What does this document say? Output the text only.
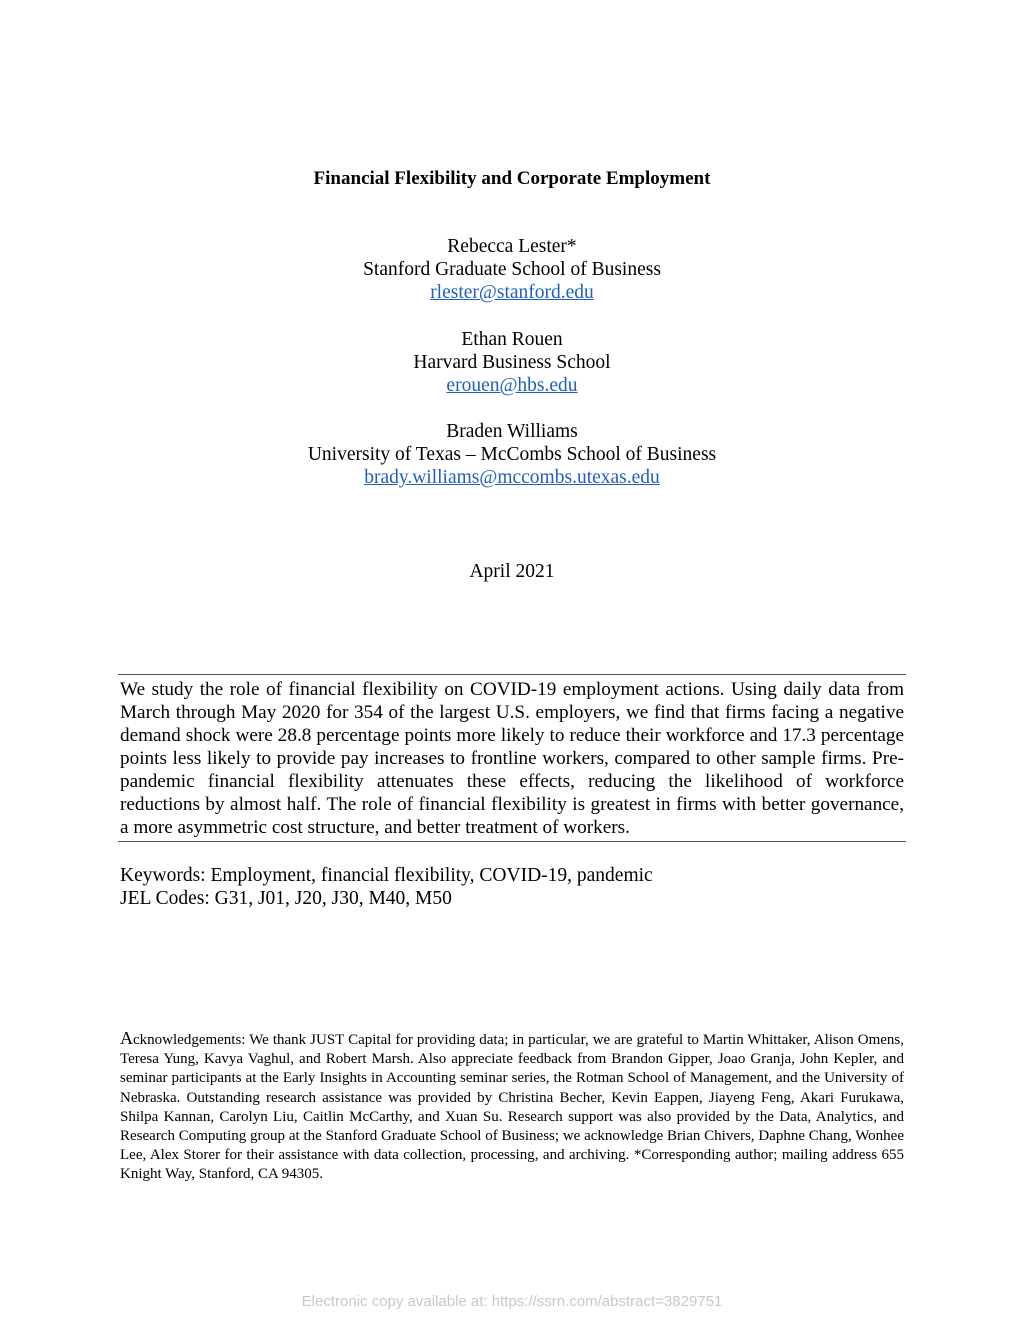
Financial Flexibility and Corporate Employment
Rebecca Lester*
Stanford Graduate School of Business
rlester@stanford.edu
Ethan Rouen
Harvard Business School
erouen@hbs.edu
Braden Williams
University of Texas – McCombs School of Business
brady.williams@mccombs.utexas.edu
April 2021

We study the role of financial flexibility on COVID-19 employment actions. Using daily data from March through May 2020 for 354 of the largest U.S. employers, we find that firms facing a negative demand shock were 28.8 percentage points more likely to reduce their workforce and 17.3 percentage points less likely to provide pay increases to frontline workers, compared to other sample firms. Pre-pandemic financial flexibility attenuates these effects, reducing the likelihood of workforce reductions by almost half. The role of financial flexibility is greatest in firms with better governance, a more asymmetric cost structure, and better treatment of workers.

Keywords: Employment, financial flexibility, COVID-19, pandemic
JEL Codes: G31, J01, J20, J30, M40, M50

Acknowledgements: We thank JUST Capital for providing data; in particular, we are grateful to Martin Whittaker, Alison Omens, Teresa Yung, Kavya Vaghul, and Robert Marsh. Also appreciate feedback from Brandon Gipper, Joao Granja, John Kepler, and seminar participants at the Early Insights in Accounting seminar series, the Rotman School of Management, and the University of Nebraska. Outstanding research assistance was provided by Christina Becher, Kevin Eappen, Jiayeng Feng, Akari Furukawa, Shilpa Kannan, Carolyn Liu, Caitlin McCarthy, and Xuan Su. Research support was also provided by the Data, Analytics, and Research Computing group at the Stanford Graduate School of Business; we acknowledge Brian Chivers, Daphne Chang, Wonhee Lee, Alex Storer for their assistance with data collection, processing, and archiving. *Corresponding author; mailing address 655 Knight Way, Stanford, CA 94305.

Electronic copy available at: https://ssrn.com/abstract=3829751
